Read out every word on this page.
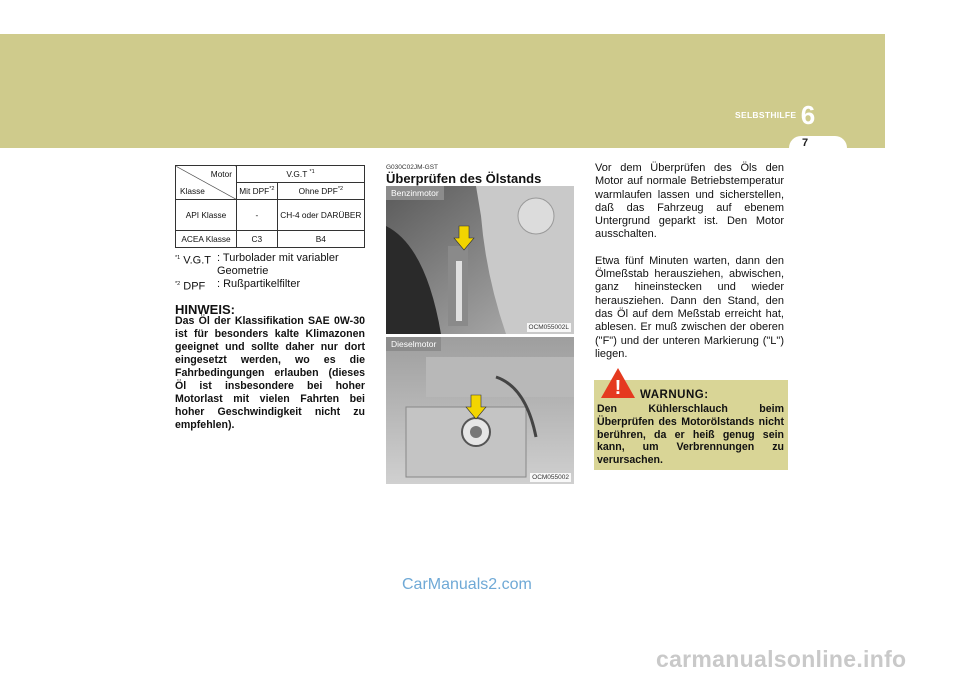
SELBSTHILFE 6
7
Motor
Klasse	V.G.T $^{*1}$
	Mit DPF$^{*2}$	Ohne DPF$^{*2}$
API Klasse	-	CH-4 oder DARÜBER
ACEA Klasse	C3	B4
$^{*1}$ V.G.T : Turbolader mit variabler Geometrie
$^{*2}$ DPF	: Rußpartikelfilter
HINWEIS:
Das Öl der Klassifikation SAE 0W-30 ist für besonders kalte Klimazonen geeignet und sollte daher nur dort eingesetzt werden, wo es die Fahrbedingungen erlauben (dieses Öl ist insbesondere bei hoher Motorlast mit vielen Fahrten bei hoher Geschwindigkeit nicht zu empfehlen).
G030C02JM-GST
Überprüfen des Ölstands
Benzinmotor
OCM055002L
Dieselmotor
OCM055002

Vor dem Überprüfen des Öls den Motor auf normale Betriebstemperatur warmlaufen lassen und sicherstellen, daß das Fahrzeug auf ebenem Untergrund geparkt ist. Den Motor ausschalten.

Etwa fünf Minuten warten, dann den Ölmeßstab herausziehen, abwischen, ganz hineinstecken und wieder herausziehen. Dann den Stand, den das Öl auf dem Meßstab erreicht hat, ablesen. Er muß zwischen der oberen ("F") und der unteren Markierung ("L") liegen.

! WARNUNG:
Den Kühlerschlauch beim Überprüfen des Motorölstands nicht berühren, da er heiß genug sein kann, um Verbrennungen zu verursachen.
CarManuals2.com
carmanualsonline.info
